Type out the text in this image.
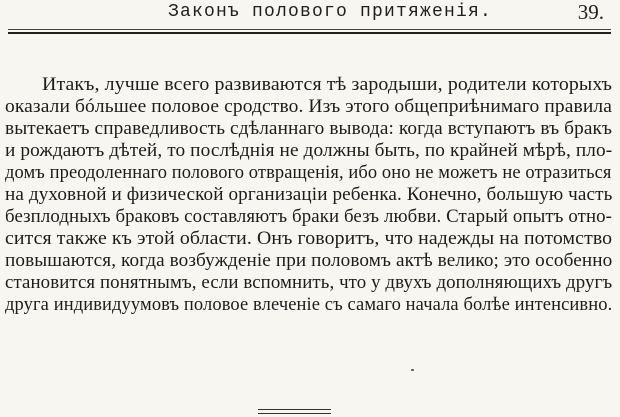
Законъ полового притяженія.	39.
Итакъ, лучше всего развиваются тѣ зародыши, родители которыхъ
оказали бóльшее половое сродство. Изъ этого общеприѣнимаго правила
вытекаетъ справедливость сдѣланнаго вывода: когда вступаютъ въ бракъ
и рождаютъ дѣтей, то послѣднія не должны быть, по крайней мѣрѣ, пло-
домъ преодоленнаго полового отвращенія, ибо оно не можетъ не отразиться
на духовной и физической организаціи ребенка. Конечно, большую часть
безплодныхъ браковъ составляютъ браки безъ любви. Старый опытъ отно-
сится также къ этой области. Онъ говоритъ, что надежды на потомство
повышаются, когда возбужденіе при половомъ актѣ велико; это особенно
становится понятнымъ, если вспомнить, что у двухъ дополняющихъ другъ
друга индивидуумовъ половое влеченіе съ самаго начала болѣе интенсивно.
